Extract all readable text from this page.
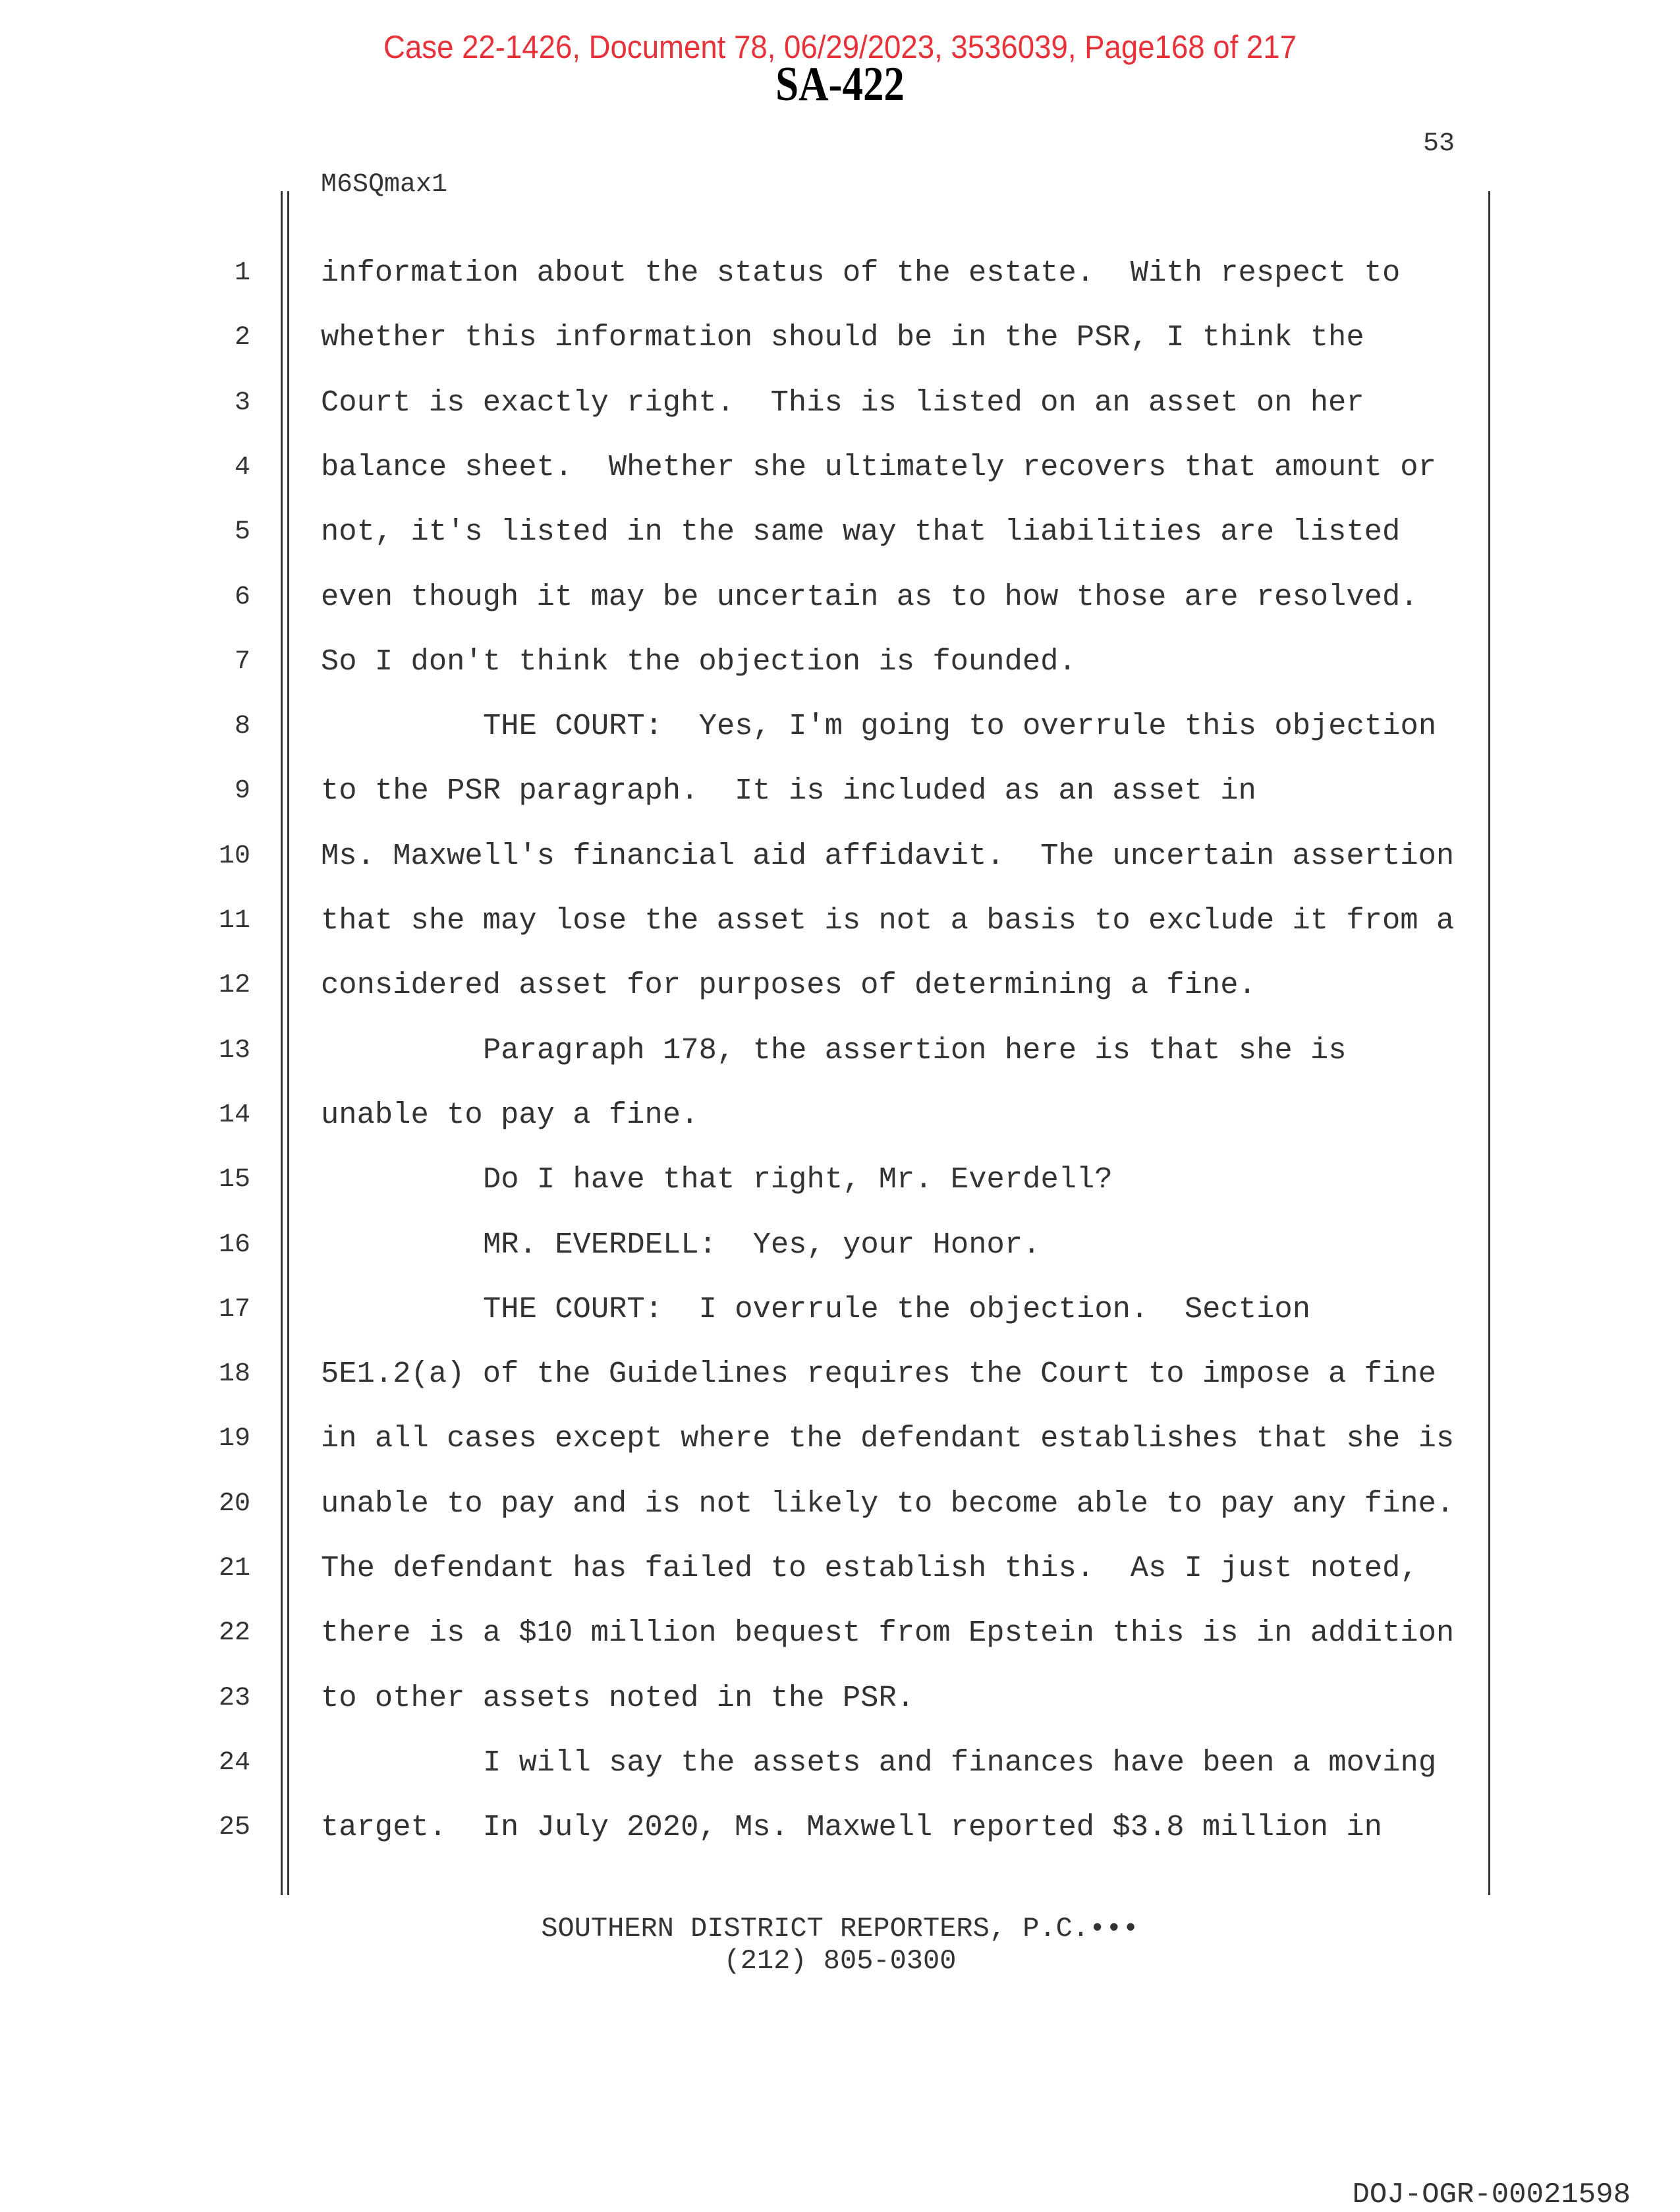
Case 22-1426, Document 78, 06/29/2023, 3536039, Page168 of 217
SA-422
53
M6SQmax1
1 information about the status of the estate.  With respect to
2 whether this information should be in the PSR, I think the
3 Court is exactly right.  This is listed on an asset on her
4 balance sheet.  Whether she ultimately recovers that amount or
5 not, it's listed in the same way that liabilities are listed
6 even though it may be uncertain as to how those are resolved.
7 So I don't think the objection is founded.
8	THE COURT:  Yes, I'm going to overrule this objection
9 to the PSR paragraph.  It is included as an asset in
10 Ms. Maxwell's financial aid affidavit.  The uncertain assertion
11 that she may lose the asset is not a basis to exclude it from a
12 considered asset for purposes of determining a fine.
13	Paragraph 178, the assertion here is that she is
14 unable to pay a fine.
15	Do I have that right, Mr. Everdell?
16	MR. EVERDELL:  Yes, your Honor.
17	THE COURT:  I overrule the objection.  Section
18 5E1.2(a) of the Guidelines requires the Court to impose a fine
19 in all cases except where the defendant establishes that she is
20 unable to pay and is not likely to become able to pay any fine.
21 The defendant has failed to establish this.  As I just noted,
22 there is a $10 million bequest from Epstein this is in addition
23 to other assets noted in the PSR.
24	I will say the assets and finances have been a moving
25 target.  In July 2020, Ms. Maxwell reported $3.8 million in
SOUTHERN DISTRICT REPORTERS, P.C.•••
(212) 805-0300
DOJ-OGR-00021598
